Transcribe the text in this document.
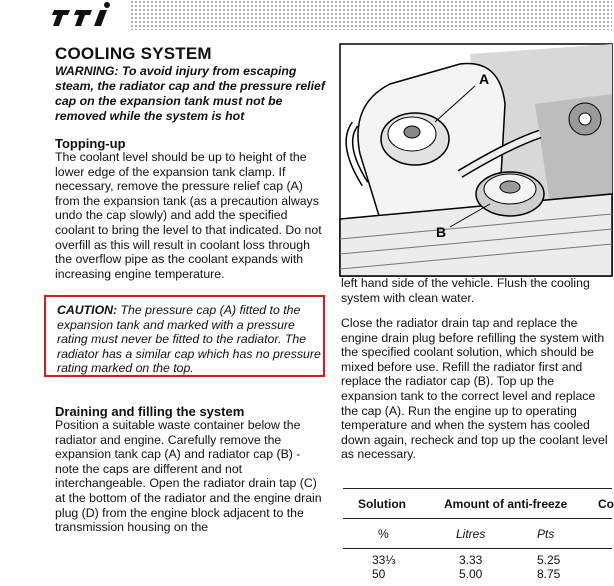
COOLING SYSTEM
WARNING: To avoid injury from escaping steam, the radiator cap and the pressure relief cap on the expansion tank must not be removed while the system is hot
Topping-up
The coolant level should be up to height of the lower edge of the expansion tank clamp. If necessary, remove the pressure relief cap (A) from the expansion tank (as a precaution always undo the cap slowly) and add the specified coolant to bring the level to that indicated. Do not overfill as this will result in coolant loss through the overflow pipe as the coolant expands with increasing engine temperature.
CAUTION: The pressure cap (A) fitted to the expansion tank and marked with a pressure rating must never be fitted to the radiator. The radiator has a similar cap which has no pressure rating marked on the top.
Draining and filling the system
Position a suitable waste container below the radiator and engine. Carefully remove the expansion tank cap (A) and radiator cap (B) - note the caps are different and not interchangeable. Open the radiator drain tap (C) at the bottom of the radiator and the engine drain plug (D) from the engine block adjacent to the transmission housing on the
A
B
left hand side of the vehicle. Flush the cooling system with clean water.
Close the radiator drain tap and replace the engine drain plug before refilling the system with the specified coolant solution, which should be mixed before use. Refill the radiator first and replace the radiator cap (B). Top up the expansion tank to the correct level and replace the cap (A). Run the engine up to operating temperature and when the system has cooled down again, recheck and top up the coolant level as necessary.
Solution	Amount of anti-freeze	Co
%	Litres	Pts
33⅓	3.33	5.25
50	5.00	8.75
